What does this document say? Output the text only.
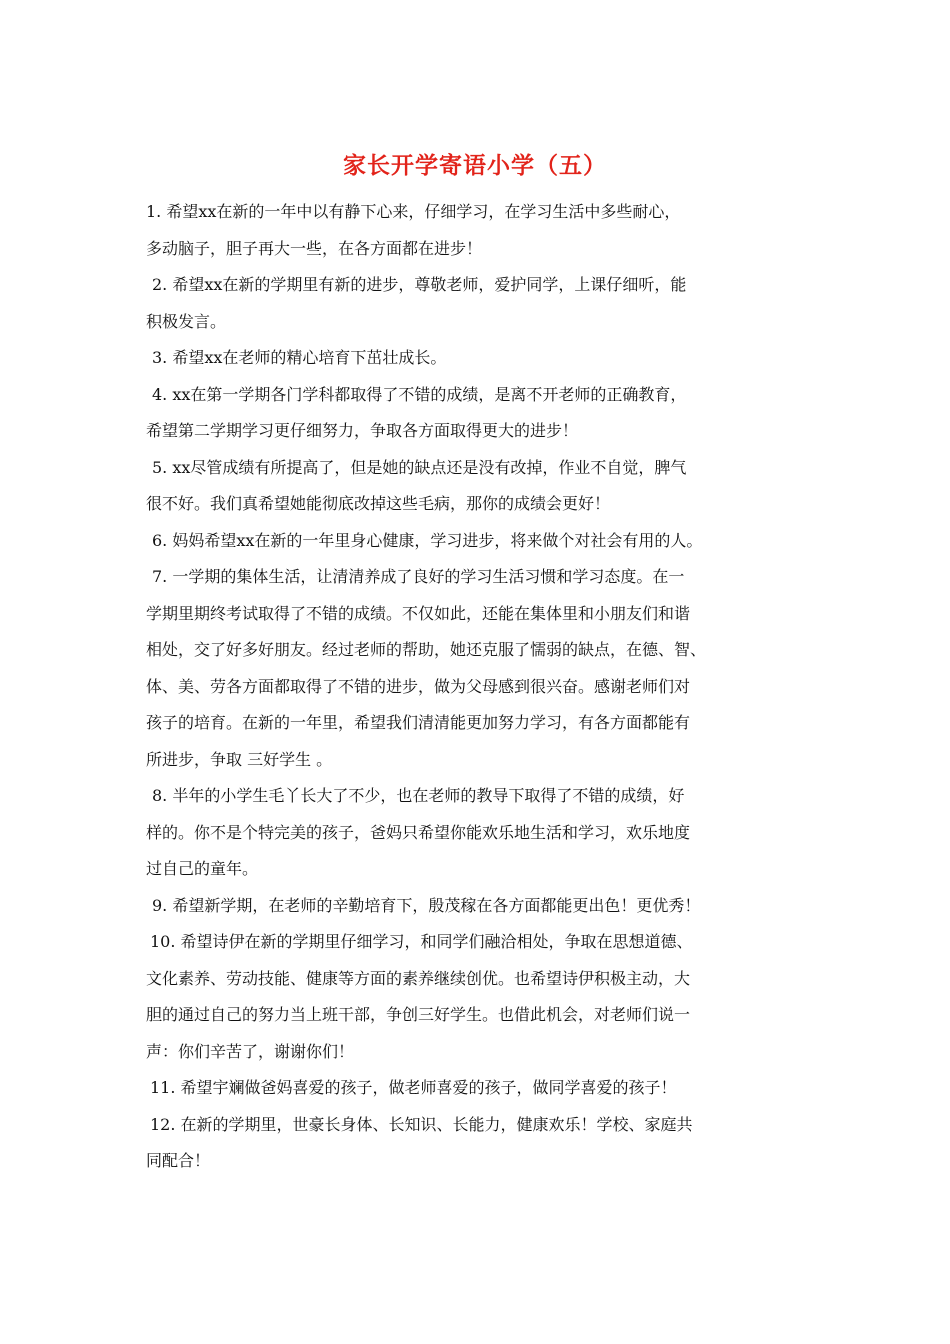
家长开学寄语小学（五）

1. 希望xx在新的一年中以有静下心来，仔细学习，在学习生活中多些耐心，
多动脑子，胆子再大一些，在各方面都在进步！

2. 希望xx在新的学期里有新的进步，尊敬老师，爱护同学，上课仔细听，能
积极发言。

3. 希望xx在老师的精心培育下茁壮成长。

4. xx在第一学期各门学科都取得了不错的成绩，是离不开老师的正确教育，
希望第二学期学习更仔细努力，争取各方面取得更大的进步！

5. xx尽管成绩有所提高了，但是她的缺点还是没有改掉，作业不自觉，脾气
很不好。我们真希望她能彻底改掉这些毛病，那你的成绩会更好！

6. 妈妈希望xx在新的一年里身心健康，学习进步，将来做个对社会有用的人。

7. 一学期的集体生活，让清清养成了良好的学习生活习惯和学习态度。在一
学期里期终考试取得了不错的成绩。不仅如此，还能在集体里和小朋友们和谐
相处，交了好多好朋友。经过老师的帮助，她还克服了懦弱的缺点，在德、智、
体、美、劳各方面都取得了不错的进步，做为父母感到很兴奋。感谢老师们对
孩子的培育。在新的一年里，希望我们清清能更加努力学习，有各方面都能有
所进步，争取 三好学生 。

8. 半年的小学生毛丫长大了不少，也在老师的教导下取得了不错的成绩，好
样的。你不是个特完美的孩子，爸妈只希望你能欢乐地生活和学习，欢乐地度
过自己的童年。

9. 希望新学期，在老师的辛勤培育下，殷茂稼在各方面都能更出色！更优秀！

10. 希望诗伊在新的学期里仔细学习，和同学们融洽相处，争取在思想道德、
文化素养、劳动技能、健康等方面的素养继续创优。也希望诗伊积极主动，大
胆的通过自己的努力当上班干部，争创三好学生。也借此机会，对老师们说一
声：你们辛苦了，谢谢你们！

11. 希望宇斓做爸妈喜爱的孩子，做老师喜爱的孩子，做同学喜爱的孩子！

12. 在新的学期里，世豪长身体、长知识、长能力，健康欢乐！学校、家庭共
同配合！
